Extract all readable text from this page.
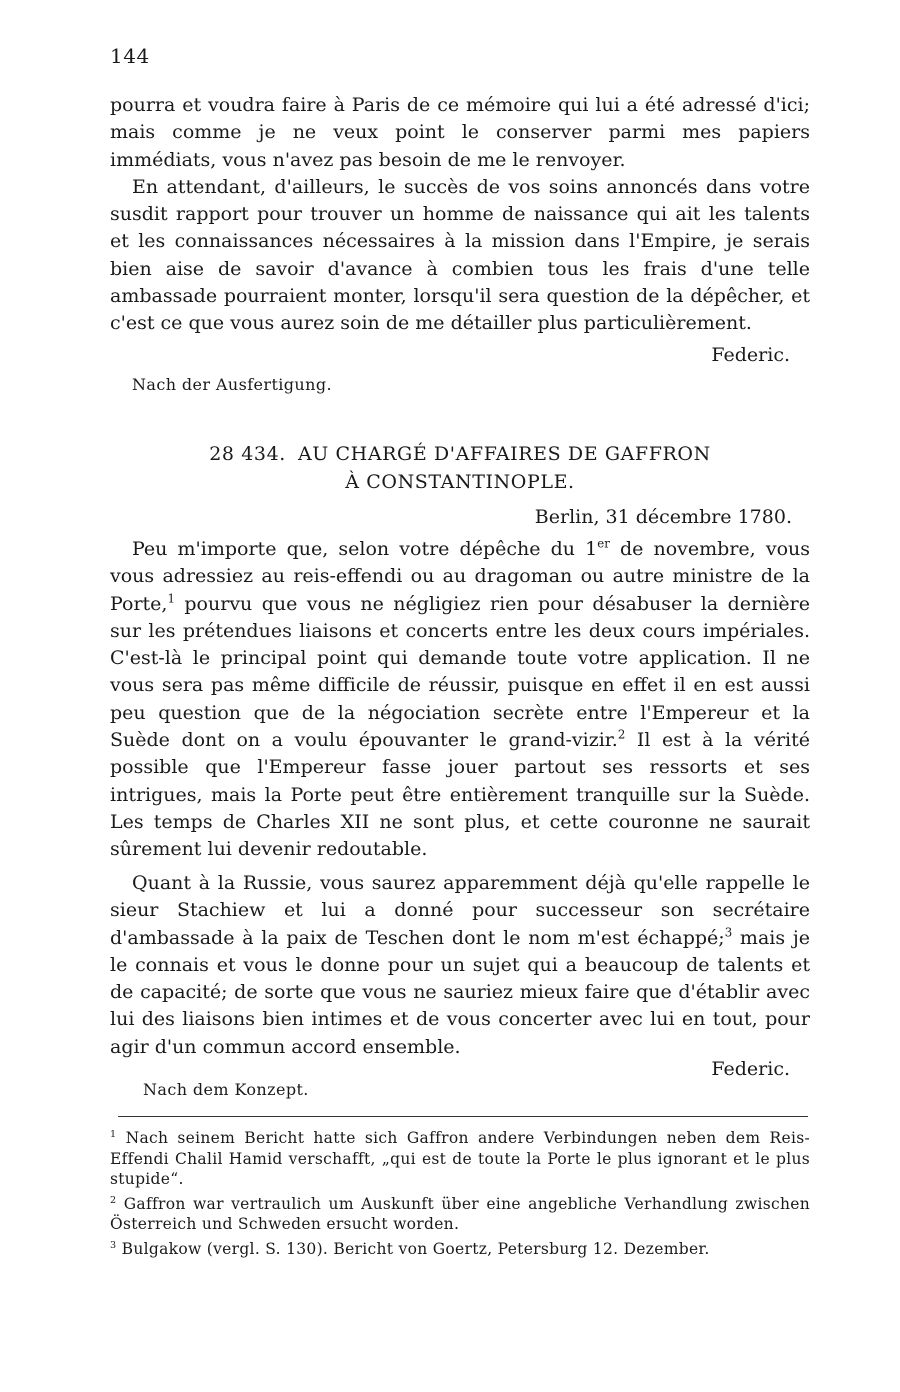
144

pourra et voudra faire à Paris de ce mémoire qui lui a été adressé d'ici; mais comme je ne veux point le conserver parmi mes papiers immédiats, vous n'avez pas besoin de me le renvoyer.

En attendant, d'ailleurs, le succès de vos soins annoncés dans votre susdit rapport pour trouver un homme de naissance qui ait les talents et les connaissances nécessaires à la mission dans l'Empire, je serais bien aise de savoir d'avance à combien tous les frais d'une telle ambassade pourraient monter, lorsqu'il sera question de la dépêcher, et c'est ce que vous aurez soin de me détailler plus particulièrement.

Federic.
Nach der Ausfertigung.
28 434. AU CHARGÉ D'AFFAIRES DE GAFFRON
À CONSTANTINOPLE.
Berlin, 31 décembre 1780.

Peu m'importe que, selon votre dépêche du 1er de novembre, vous vous adressiez au reis-effendi ou au dragoman ou autre ministre de la Porte,$^1$ pourvu que vous ne négligiez rien pour désabuser la dernière sur les prétendues liaisons et concerts entre les deux cours impériales. C'est-là le principal point qui demande toute votre application. Il ne vous sera pas même difficile de réussir, puisque en effet il en est aussi peu question que de la négociation secrète entre l'Empereur et la Suède dont on a voulu épouvanter le grand-vizir.$^2$ Il est à la vérité possible que l'Empereur fasse jouer partout ses ressorts et ses intrigues, mais la Porte peut être entièrement tranquille sur la Suède. Les temps de Charles XII ne sont plus, et cette couronne ne saurait sûrement lui devenir redoutable.

Quant à la Russie, vous saurez apparemment déjà qu'elle rappelle le sieur Stachiew et lui a donné pour successeur son secrétaire d'ambassade à la paix de Teschen dont le nom m'est échappé;$^3$ mais je le connais et vous le donne pour un sujet qui a beaucoup de talents et de capacité; de sorte que vous ne sauriez mieux faire que d'établir avec lui des liaisons bien intimes et de vous concerter avec lui en tout, pour agir d'un commun accord ensemble.

Federic.
Nach dem Konzept.

$^1$ Nach seinem Bericht hatte sich Gaffron andere Verbindungen neben dem Reis-Effendi Chalil Hamid verschafft, „qui est de toute la Porte le plus ignorant et le plus stupide“.

$^2$ Gaffron war vertraulich um Auskunft über eine angebliche Verhandlung zwischen Österreich und Schweden ersucht worden.

$^3$ Bulgakow (vergl. S. 130). Bericht von Goertz, Petersburg 12. Dezember.
